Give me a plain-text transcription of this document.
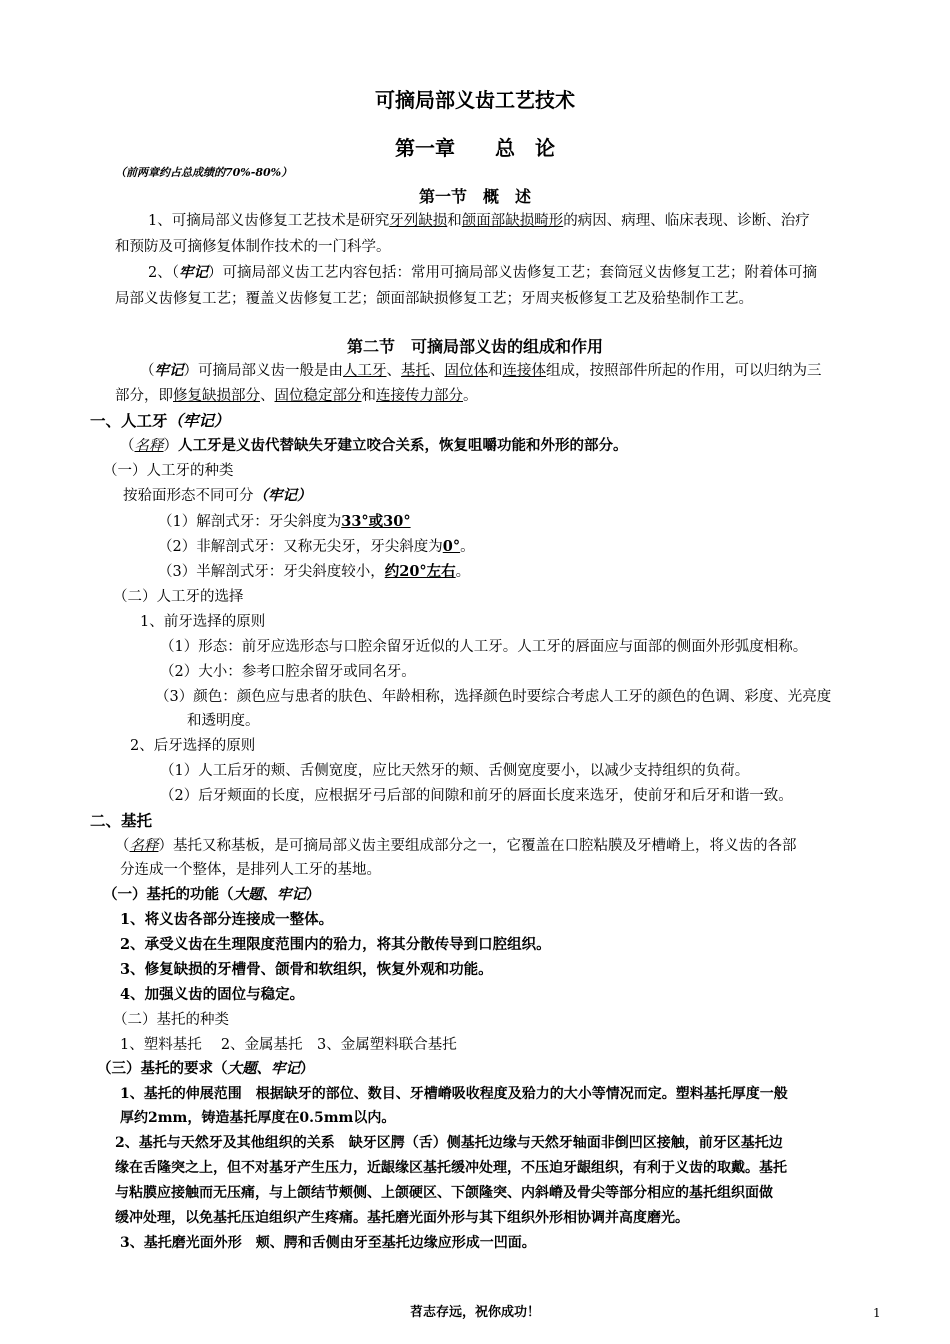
可摘局部义齿工艺技术
第一章　　总　论
（前两章约占总成绩的70%-80%）
第一节　概　述
1、可摘局部义齿修复工艺技术是研究牙列缺损和颌面部缺损畸形的病因、病理、临床表现、诊断、治疗
和预防及可摘修复体制作技术的一门科学。
2、（牢记）可摘局部义齿工艺内容包括：常用可摘局部义齿修复工艺；套筒冠义齿修复工艺；附着体可摘
局部义齿修复工艺；覆盖义齿修复工艺；颌面部缺损修复工艺；牙周夹板修复工艺及𬌗垫制作工艺。
第二节　可摘局部义齿的组成和作用
（牢记）可摘局部义齿一般是由人工牙、基托、固位体和连接体组成，按照部件所起的作用，可以归纳为三
部分，即修复缺损部分、固位稳定部分和连接传力部分。
一、人工牙（牢记）
（名释）人工牙是义齿代替缺失牙建立咬合关系，恢复咀嚼功能和外形的部分。
（一）人工牙的种类
按𬌗面形态不同可分（牢记）
（1）解剖式牙：牙尖斜度为33°或30°
（2）非解剖式牙：又称无尖牙，牙尖斜度为0°。
（3）半解剖式牙：牙尖斜度较小，约20°左右。
（二）人工牙的选择
1、前牙选择的原则
（1）形态：前牙应选形态与口腔余留牙近似的人工牙。人工牙的唇面应与面部的侧面外形弧度相称。
（2）大小：参考口腔余留牙或同名牙。
（3）颜色：颜色应与患者的肤色、年龄相称，选择颜色时要综合考虑人工牙的颜色的色调、彩度、光亮度
和透明度。
2、后牙选择的原则
（1）人工后牙的颊、舌侧宽度，应比天然牙的颊、舌侧宽度要小，以减少支持组织的负荷。
（2）后牙颊面的长度，应根据牙弓后部的间隙和前牙的唇面长度来选牙，使前牙和后牙和谐一致。
二、基托
（名释）基托又称基板，是可摘局部义齿主要组成部分之一，它覆盖在口腔粘膜及牙槽嵴上，将义齿的各部
分连成一个整体，是排列人工牙的基地。
（一）基托的功能（大题、牢记）
1、将义齿各部分连接成一整体。
2、承受义齿在生理限度范围内的𬌗力，将其分散传导到口腔组织。
3、修复缺损的牙槽骨、颌骨和软组织，恢复外观和功能。
4、加强义齿的固位与稳定。
（二）基托的种类
1、塑料基托　 2、金属基托　3、金属塑料联合基托
（三）基托的要求（大题、牢记）
1、基托的伸展范围　根据缺牙的部位、数目、牙槽嵴吸收程度及𬌗力的大小等情况而定。塑料基托厚度一般
厚约2mm，铸造基托厚度在0.5mm以内。
2、基托与天然牙及其他组织的关系　缺牙区腭（舌）侧基托边缘与天然牙轴面非倒凹区接触，前牙区基托边
缘在舌隆突之上，但不对基牙产生压力，近龈缘区基托缓冲处理，不压迫牙龈组织，有利于义齿的取戴。基托
与粘膜应接触而无压痛，与上颌结节颊侧、上颌硬区、下颌隆突、内斜嵴及骨尖等部分相应的基托组织面做
缓冲处理，以免基托压迫组织产生疼痛。基托磨光面外形与其下组织外形相协调并高度磨光。
3、基托磨光面外形　颊、腭和舌侧由牙至基托边缘应形成一凹面。
苕志存远，祝你成功！	1
